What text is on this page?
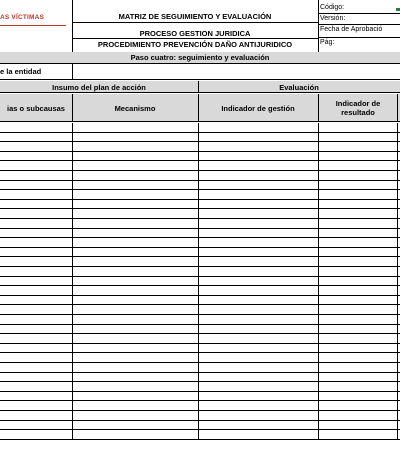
AS VÍCTIMAS	MATRIZ DE SEGUIMIENTO Y EVALUACIÓN
PROCESO GESTION JURIDICA
PROCEDIMIENTO PREVENCIÓN DAÑO ANTIJURIDICO
Código:
Versión:
Fecha de Aprobació
Pág:
Paso cuatro: seguimiento y evaluación
e la entidad
Insumo del plan de acción	Evaluación
ias o subcausas	Mecanismo	Indicador de gestión	Indicador de resultado
